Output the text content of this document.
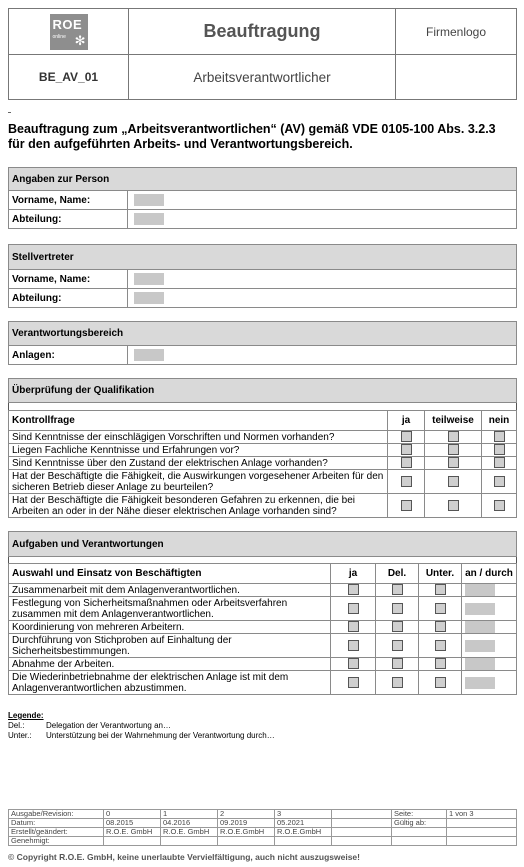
ROE
online ✻	Beauftragung	Firmenlogo
BE_AV_01	Arbeitsverantwortlicher	
Beauftragung zum „Arbeitsverantwortlichen“ (AV) gemäß VDE 0105-100 Abs. 3.2.3 für den aufgeführten Arbeits- und Verantwortungsbereich.
Angaben zur Person	
Vorname, Name:	
Abteilung:	
Stellvertreter	
Vorname, Name:	
Abteilung:	
Verantwortungsbereich
Anlagen:	
Überprüfung der Qualifikation			

Kontrollfrage	ja	teilweise	nein
Sind Kenntnisse der einschlägigen Vorschriften und Normen vorhanden?			
Liegen Fachliche Kenntnisse und Erfahrungen vor?			
Sind Kenntnisse über den Zustand der elektrischen Anlage vorhanden?			
Hat der Beschäftigte die Fähigkeit, die Auswirkungen vorgesehener Arbeiten für den sicheren Betrieb dieser Anlage zu beurteilen?			
Hat der Beschäftigte die Fähigkeit besonderen Gefahren zu erkennen, die bei Arbeiten an oder in der Nähe dieser elektrischen Anlage vorhanden sind?			
Aufgaben und Verantwortungen				

Auswahl und Einsatz von Beschäftigten	ja	Del.	Unter.	an / durch
Zusammenarbeit mit dem Anlagenverantwortlichen.				
Festlegung von Sicherheitsmaßnahmen oder Arbeitsverfahren zusammen mit dem Anlagenverantwortlichen.				
Koordinierung von mehreren Arbeitern.				
Durchführung von Stichproben auf Einhaltung der Sicherheitsbestimmungen.				
Abnahme der Arbeiten.				
Die Wiederinbetriebnahme der elektrischen Anlage ist mit dem Anlagenverantwortlichen abzustimmen.				
Legende:
Del.:	Delegation der Verantwortung an…
Unter.: Unterstützung bei der Wahrnehmung der Verantwortung durch…
Ausgabe/Revision:	0	1	2	3		Seite:	1 von 3
Datum:	08.2015	04.2016	09.2019	05.2021		Gültig ab:	
Erstellt/geändert:	R.O.E. GmbH	R.O.E. GmbH	R.O.E.GmbH	R.O.E.GmbH			
Genehmigt:							
© Copyright R.O.E. GmbH, keine unerlaubte Vervielfältigung, auch nicht auszugsweise!
